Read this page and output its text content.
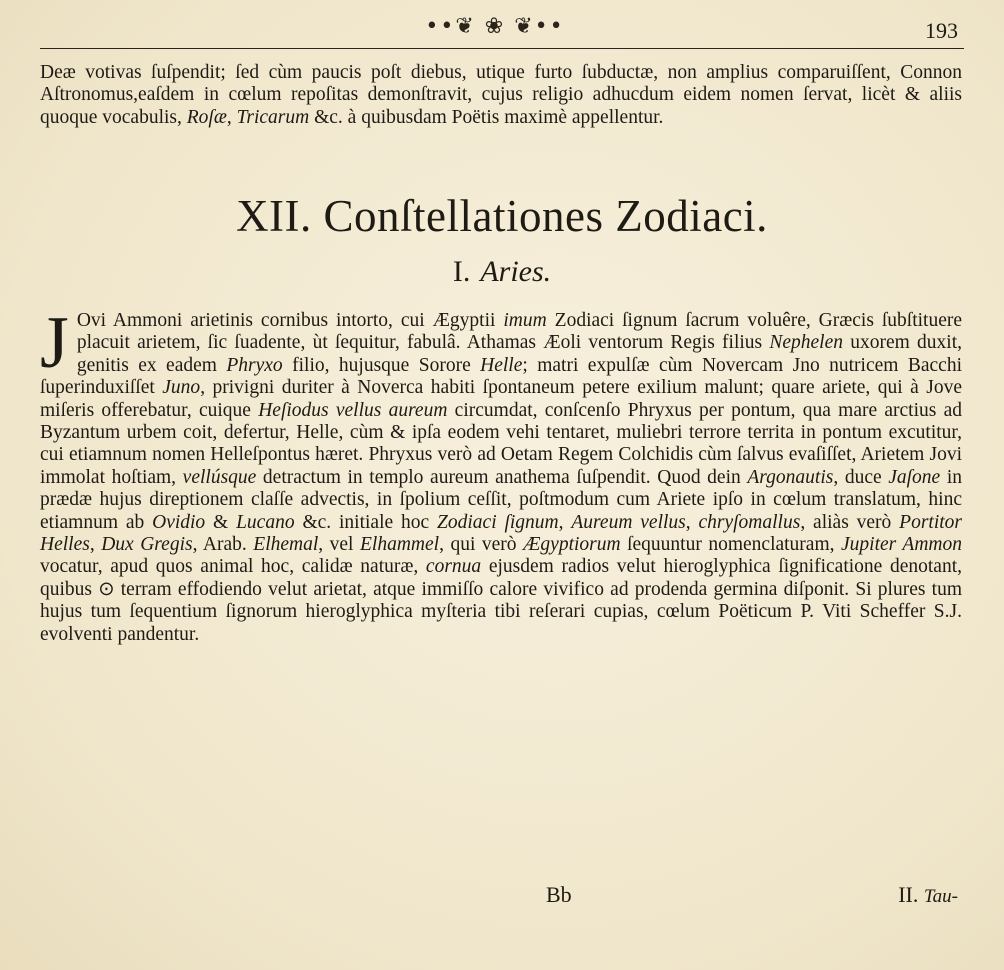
••❦ ❀ ❦••	193

Deæ votivas ſuſpendit; ſed cùm paucis poſt diebus, utique furto ſubductæ, non amplius comparuiſſent, Connon Aſtronomus,eaſdem in cœlum repoſitas demonſtravit, cujus religio adhucdum eidem nomen ſervat, licèt & aliis quoque vocabulis, Roſæ, Tricarum &c. à quibusdam Poëtis maximè appellentur.

XII. Conſtellationes Zodiaci.
I. Aries.

J Ovi Ammoni arietinis cornibus intorto, cui Ægyptii imum Zodiaci ſignum ſacrum voluêre, Græcis ſubſtituere placuit arietem, ſic ſuadente, ùt ſequitur, fabulâ. Athamas Æoli ventorum Regis filius Nephelen uxorem duxit, genitis ex eadem Phryxo filio, hujusque Sorore Helle; matri expulſæ cùm Novercam Jno nutricem Bacchi ſuperinduxiſſet Juno, privigni duriter à Noverca habiti ſpontaneum petere exilium malunt; quare ariete, qui à Jove miſeris offerebatur, cuique Heſiodus vellus aureum circumdat, conſcenſo Phryxus per pontum, qua mare arctius ad Byzantum urbem coit, defertur, Helle, cùm & ipſa eodem vehi tentaret, muliebri terrore territa in pontum excutitur, cui etiamnum nomen Helleſpontus hæret. Phryxus verò ad Oetam Regem Colchidis cùm ſalvus evaſiſſet, Arietem Jovi immolat hoſtiam, vellúsque detractum in templo aureum anathema ſuſpendit. Quod dein Argonautis, duce Jaſone in prædæ hujus direptionem claſſe advectis, in ſpolium ceſſit, poſtmodum cum Ariete ipſo in cœlum translatum, hinc etiamnum ab Ovidio & Lucano &c. initiale hoc Zodiaci ſignum, Aureum vellus, chryſomallus, aliàs verò Portitor Helles, Dux Gregis, Arab. Elhemal, vel Elhammel, qui verò Ægyptiorum ſequuntur nomenclaturam, Jupiter Ammon vocatur, apud quos animal hoc, calidæ naturæ, cornua ejusdem radios velut hieroglyphica ſignificatione denotant, quibus ⊙ terram effodiendo velut arietat, atque immiſſo calore vivifico ad prodenda germina diſponit. Si plures tum hujus tum ſequentium ſignorum hieroglyphica myſteria tibi reſerari cupias, cœlum Poëticum P. Viti Scheffer S.J. evolventi pandentur.

Bb	II. Tau-
